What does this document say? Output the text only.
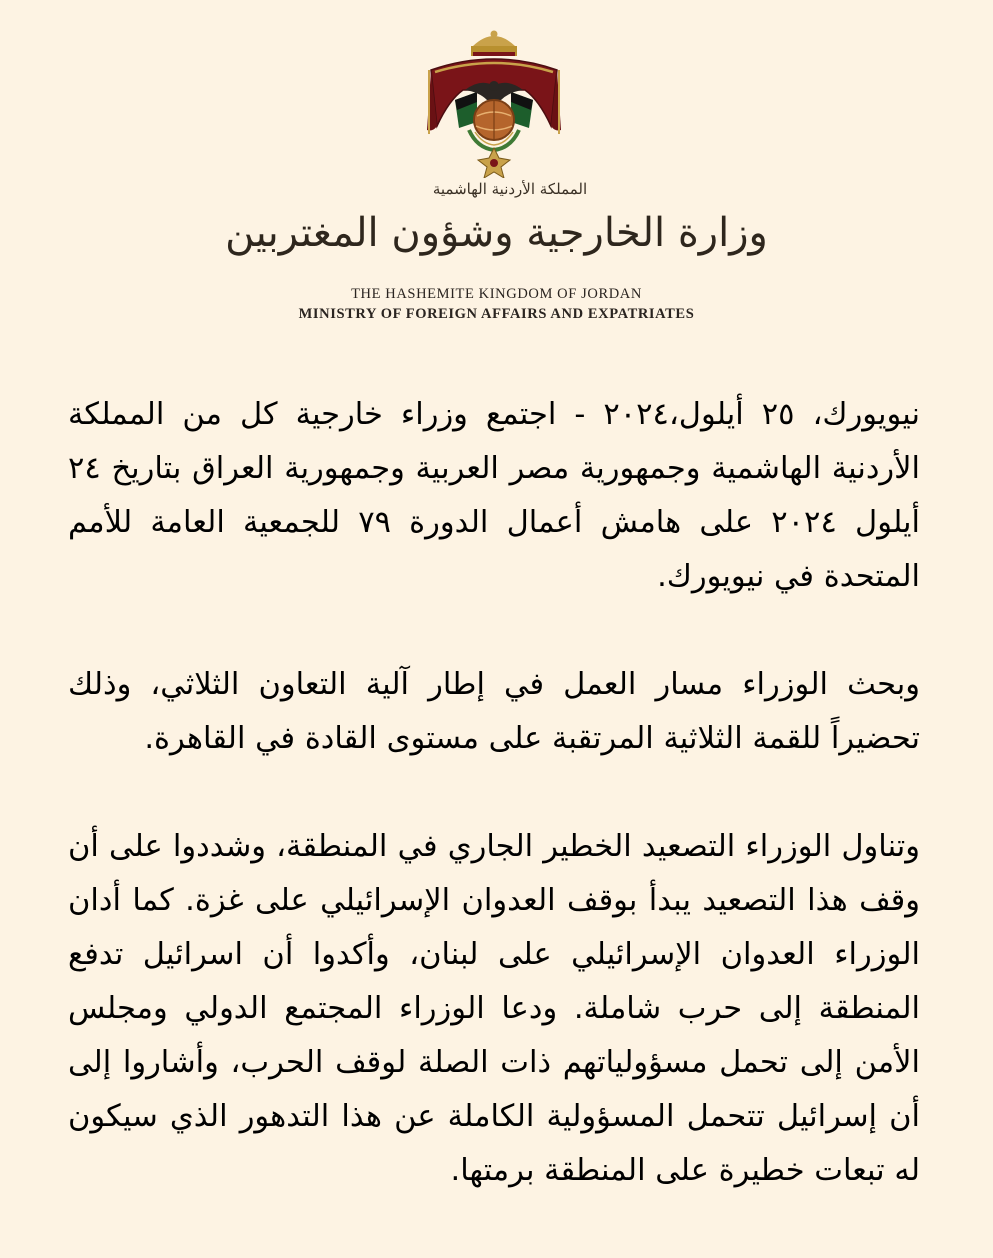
المملكة الأردنية الهاشمية
وزارة الخارجية وشؤون المغتربين
THE HASHEMITE KINGDOM OF JORDAN
MINISTRY OF FOREIGN AFFAIRS AND EXPATRIATES

نيويورك، ٢٥ أيلول،٢٠٢٤ - اجتمع وزراء خارجية كل من المملكة الأردنية الهاشمية وجمهورية مصر العربية وجمهورية العراق بتاريخ ٢٤ أيلول ٢٠٢٤ على هامش أعمال الدورة ٧٩ للجمعية العامة للأمم المتحدة في نيويورك.

وبحث الوزراء مسار العمل في إطار آلية التعاون الثلاثي، وذلك تحضيراً للقمة الثلاثية المرتقبة على مستوى القادة في القاهرة.

وتناول الوزراء التصعيد الخطير الجاري في المنطقة، وشددوا على أن وقف هذا التصعيد يبدأ بوقف العدوان الإسرائيلي على غزة. كما أدان الوزراء العدوان الإسرائيلي على لبنان، وأكدوا أن اسرائيل تدفع المنطقة إلى حرب شاملة. ودعا الوزراء المجتمع الدولي ومجلس الأمن إلى تحمل مسؤولياتهم ذات الصلة لوقف الحرب، وأشاروا إلى أن إسرائيل تتحمل المسؤولية الكاملة عن هذا التدهور الذي سيكون له تبعات خطيرة على المنطقة برمتها.
